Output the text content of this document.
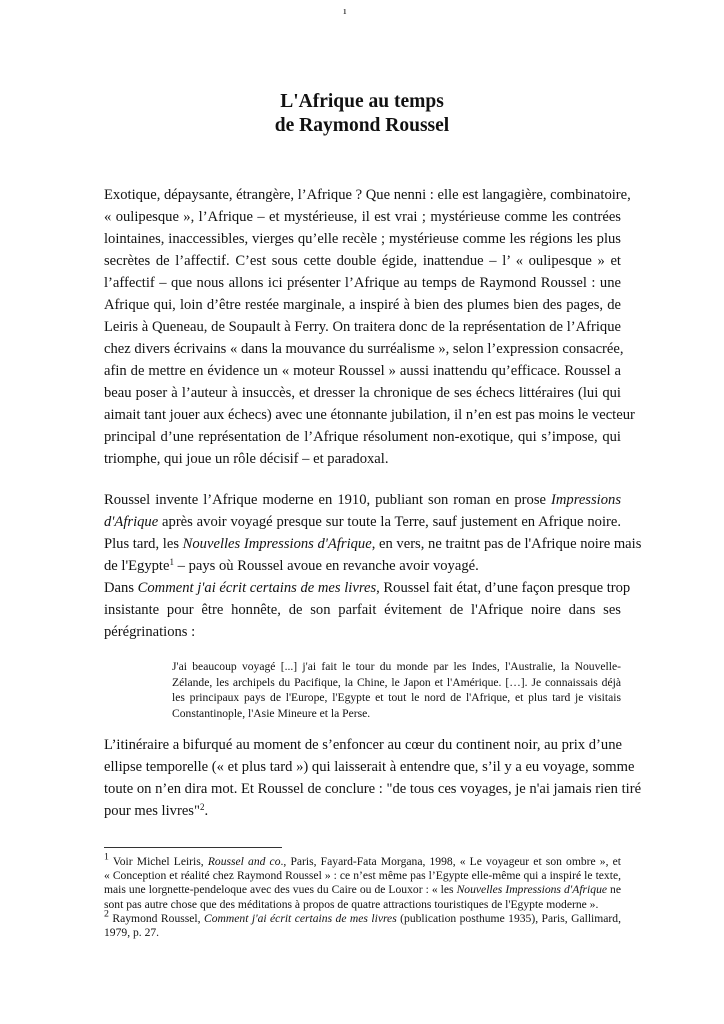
1
L'Afrique au temps
de Raymond Roussel
Exotique, dépaysante, étrangère, l’Afrique ? Que nenni : elle est langagière, combinatoire,
« oulipesque », l’Afrique – et mystérieuse, il est vrai ; mystérieuse comme les contrées
lointaines, inaccessibles, vierges qu’elle recèle ; mystérieuse comme les régions les plus
secrètes de l’affectif. C’est sous cette double égide, inattendue – l’ « oulipesque » et
l’affectif – que nous allons ici présenter l’Afrique au temps de Raymond Roussel : une
Afrique qui, loin d’être restée marginale, a inspiré à bien des plumes bien des pages, de
Leiris à Queneau, de Soupault à Ferry. On traitera donc de la représentation de l’Afrique
chez divers écrivains « dans la mouvance du surréalisme », selon l’expression consacrée,
afin de mettre en évidence un « moteur Roussel » aussi inattendu qu’efficace. Roussel a
beau poser à l’auteur à insuccès, et dresser la chronique de ses échecs littéraires (lui qui
aimait tant jouer aux échecs) avec une étonnante jubilation, il n’en est pas moins le vecteur
principal d’une représentation de l’Afrique résolument non-exotique, qui s’impose, qui
triomphe, qui joue un rôle décisif – et paradoxal.
Roussel invente l’Afrique moderne en 1910, publiant son roman en prose Impressions
d'Afrique après avoir voyagé presque sur toute la Terre, sauf justement en Afrique noire.
Plus tard, les Nouvelles Impressions d'Afrique, en vers, ne traitnt pas de l'Afrique noire mais
de l'Egypte$^1$ – pays où Roussel avoue en revanche avoir voyagé.
Dans Comment j'ai écrit certains de mes livres, Roussel fait état, d’une façon presque trop
insistante pour être honnête, de son parfait évitement de l'Afrique noire dans ses
pérégrinations :
J'ai beaucoup voyagé [...] j'ai fait le tour du monde par les Indes, l'Australie, la Nouvelle-
Zélande, les archipels du Pacifique, la Chine, le Japon et l'Amérique. […]. Je connaissais déjà
les principaux pays de l'Europe, l'Egypte et tout le nord de l'Afrique, et plus tard je visitais
Constantinople, l'Asie Mineure et la Perse.
L’itinéraire a bifurqué au moment de s’enfoncer au cœur du continent noir, au prix d’une
ellipse temporelle (« et plus tard ») qui laisserait à entendre que, s’il y a eu voyage, somme
toute on n’en dira mot. Et Roussel de conclure : "de tous ces voyages, je n'ai jamais rien tiré
pour mes livres"$^2$.
$^1$ Voir Michel Leiris, Roussel and co., Paris, Fayard-Fata Morgana, 1998, « Le voyageur et son ombre », et
« Conception et réalité chez Raymond Roussel » : ce n’est même pas l’Egypte elle-même qui a inspiré le texte,
mais une lorgnette-pendeloque avec des vues du Caire ou de Louxor : « les Nouvelles Impressions d'Afrique ne
sont pas autre chose que des méditations à propos de quatre attractions touristiques de l'Egypte moderne ».
$^2$ Raymond Roussel, Comment j'ai écrit certains de mes livres (publication posthume 1935), Paris, Gallimard,
1979, p. 27.
